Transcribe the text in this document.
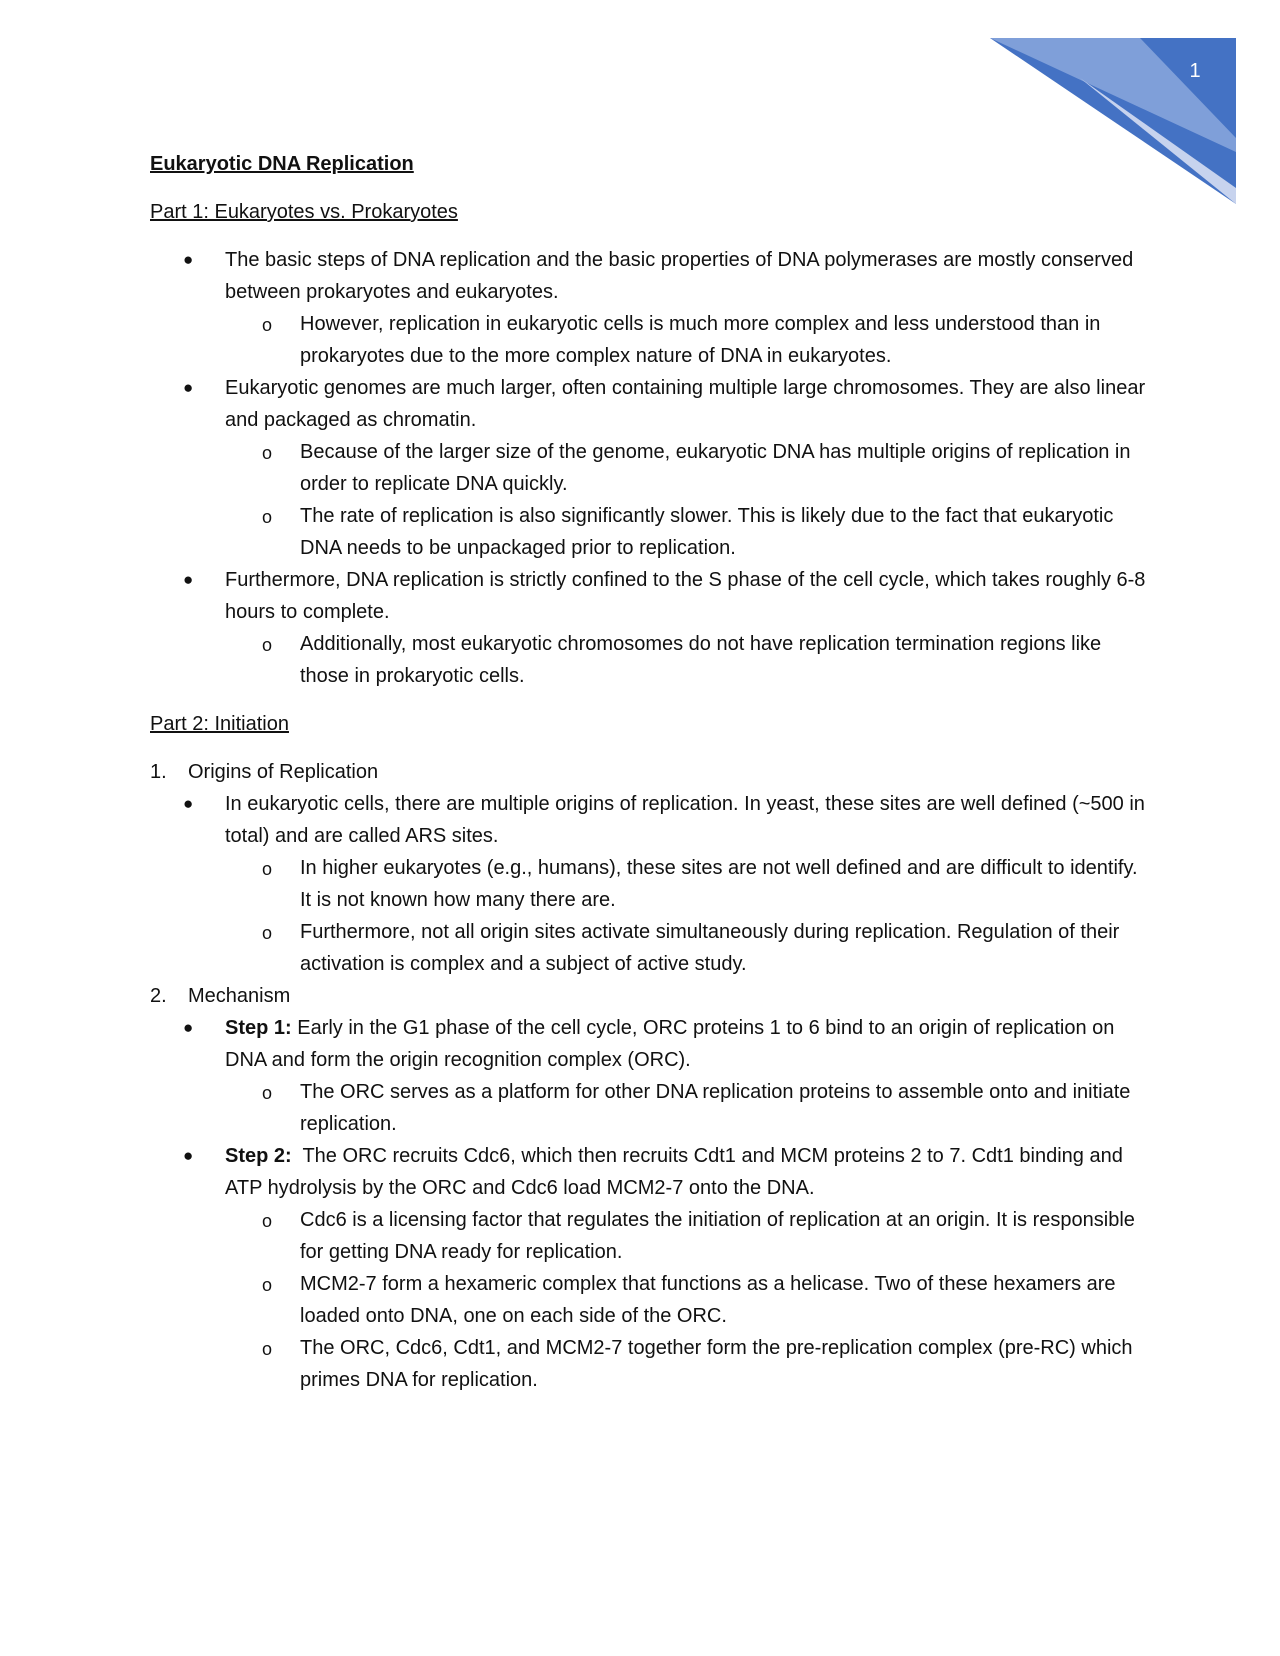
1
Eukaryotic DNA Replication
Part 1: Eukaryotes vs. Prokaryotes
● The basic steps of DNA replication and the basic properties of DNA polymerases are mostly conserved between prokaryotes and eukaryotes.
o However, replication in eukaryotic cells is much more complex and less understood than in prokaryotes due to the more complex nature of DNA in eukaryotes.
● Eukaryotic genomes are much larger, often containing multiple large chromosomes. They are also linear and packaged as chromatin.
o Because of the larger size of the genome, eukaryotic DNA has multiple origins of replication in order to replicate DNA quickly.
o The rate of replication is also significantly slower. This is likely due to the fact that eukaryotic DNA needs to be unpackaged prior to replication.
● Furthermore, DNA replication is strictly confined to the S phase of the cell cycle, which takes roughly 6-8 hours to complete.
o Additionally, most eukaryotic chromosomes do not have replication termination regions like those in prokaryotic cells.
Part 2: Initiation
1. Origins of Replication
● In eukaryotic cells, there are multiple origins of replication. In yeast, these sites are well defined (~500 in total) and are called ARS sites.
o In higher eukaryotes (e.g., humans), these sites are not well defined and are difficult to identify. It is not known how many there are.
o Furthermore, not all origin sites activate simultaneously during replication. Regulation of their activation is complex and a subject of active study.
2. Mechanism
● Step 1: Early in the G1 phase of the cell cycle, ORC proteins 1 to 6 bind to an origin of replication on DNA and form the origin recognition complex (ORC).
o The ORC serves as a platform for other DNA replication proteins to assemble onto and initiate replication.
● Step 2:  The ORC recruits Cdc6, which then recruits Cdt1 and MCM proteins 2 to 7. Cdt1 binding and ATP hydrolysis by the ORC and Cdc6 load MCM2-7 onto the DNA.
o Cdc6 is a licensing factor that regulates the initiation of replication at an origin. It is responsible for getting DNA ready for replication.
o MCM2-7 form a hexameric complex that functions as a helicase. Two of these hexamers are loaded onto DNA, one on each side of the ORC.
o The ORC, Cdc6, Cdt1, and MCM2-7 together form the pre-replication complex (pre-RC) which primes DNA for replication.
